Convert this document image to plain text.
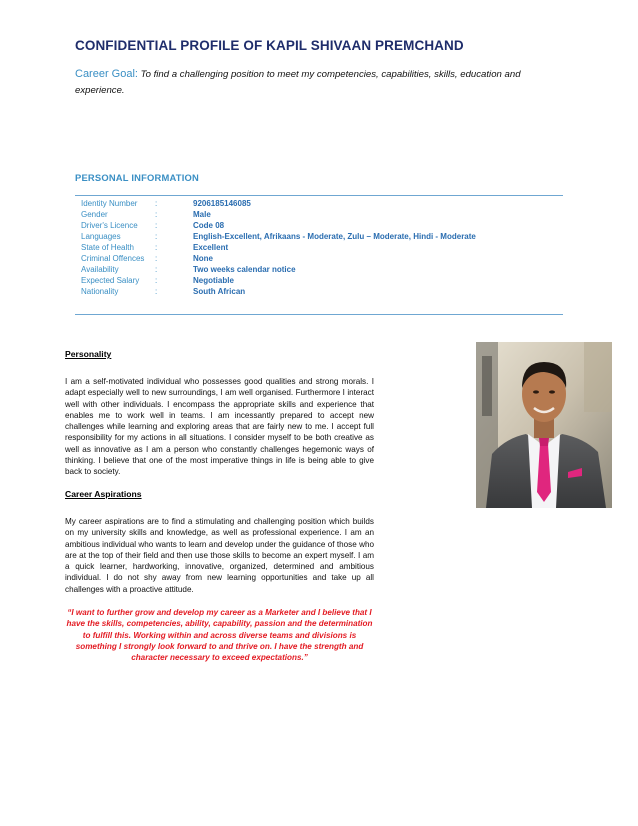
CONFIDENTIAL PROFILE OF KAPIL SHIVAAN PREMCHAND
Career Goal: To find a challenging position to meet my competencies, capabilities, skills, education and experience.
PERSONAL INFORMATION
Identity Number	:	9206185146085
Gender	:	Male
Driver's Licence	:	Code 08
Languages	:	English-Excellent, Afrikaans - Moderate, Zulu – Moderate, Hindi - Moderate
State of Health	:	Excellent
Criminal Offences	:	None
Availability	:	Two weeks calendar notice
Expected Salary	:	Negotiable
Nationality	:	South African
Personality
I am a self-motivated individual who possesses good qualities and strong morals. I adapt especially well to new surroundings, I am well organised. Furthermore I interact well with other individuals. I encompass the appropriate skills and experience that enables me to work well in teams. I am incessantly prepared to accept new challenges while learning and exploring areas that are fairly new to me. I accept full responsibility for my actions in all situations. I consider myself to be both creative as well as innovative as I am a person who constantly challenges hegemonic ways of thinking. I believe that one of the most imperative things in life is being able to give back to society.
Career Aspirations
My career aspirations are to find a stimulating and challenging position which builds on my university skills and knowledge, as well as professional experience. I am an ambitious individual who wants to learn and develop under the guidance of those who are at the top of their field and then use those skills to become an expert myself. I am a quick learner, hardworking, innovative, organized, determined and ambitious individual. I do not shy away from new learning opportunities and take up all challenges with a proactive attitude.
“I want to further grow and develop my career as a Marketer and I believe that I have the skills, competencies, ability, capability, passion and the determination to fulfill this. Working within and across diverse teams and divisions is something I strongly look forward to and thrive on. I have the strength and character necessary to exceed expectations.”
